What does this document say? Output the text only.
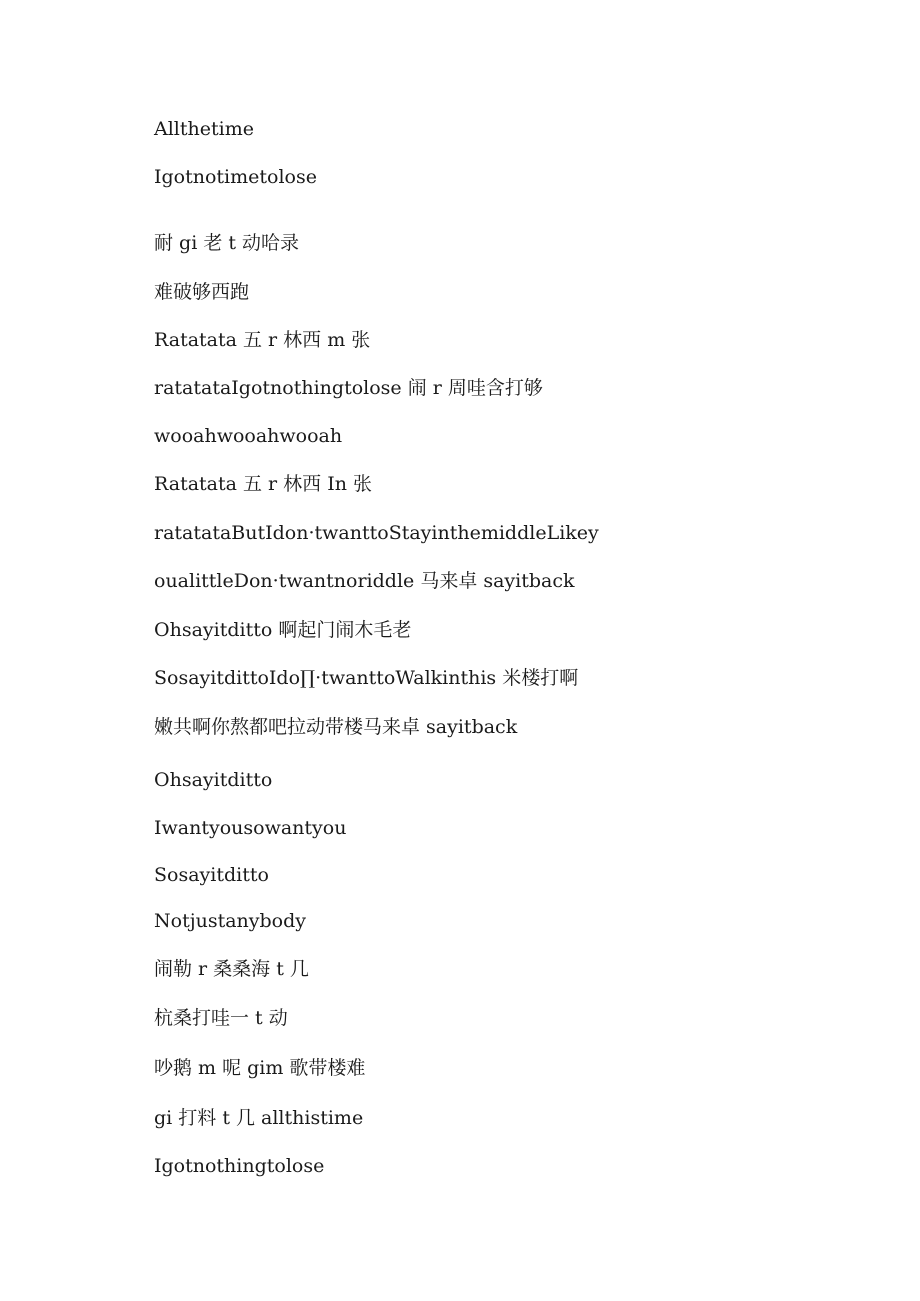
Allthetime
Igotnotimetolose
耐 gi 老 t 动哈录
难破够西跑
Ratatata 五 r 林西 m 张
ratatataIgotnothingtolose 闹 r 周哇含打够
wooahwooahwooah
Ratatata 五 r 林西 In 张
ratatataButIdon·twanttoStayinthemiddleLikey
oualittleDon·twantnoriddle 马来卓 sayitback
Ohsayitditto 啊起门闹木毛老
SosayitdittoIdo∏·twanttoWalkinthis 米楼打啊
嫩共啊你熬都吧拉动带楼马来卓 sayitback
Ohsayitditto
Iwantyousowantyou
Sosayitditto
Notjustanybody
闹勒 r 桑桑海 t 几
杭桑打哇一 t 动
吵鹅 m 呢 gim 歌带楼难
gi 打料 t 几 allthistime
Igotnothingtolose
